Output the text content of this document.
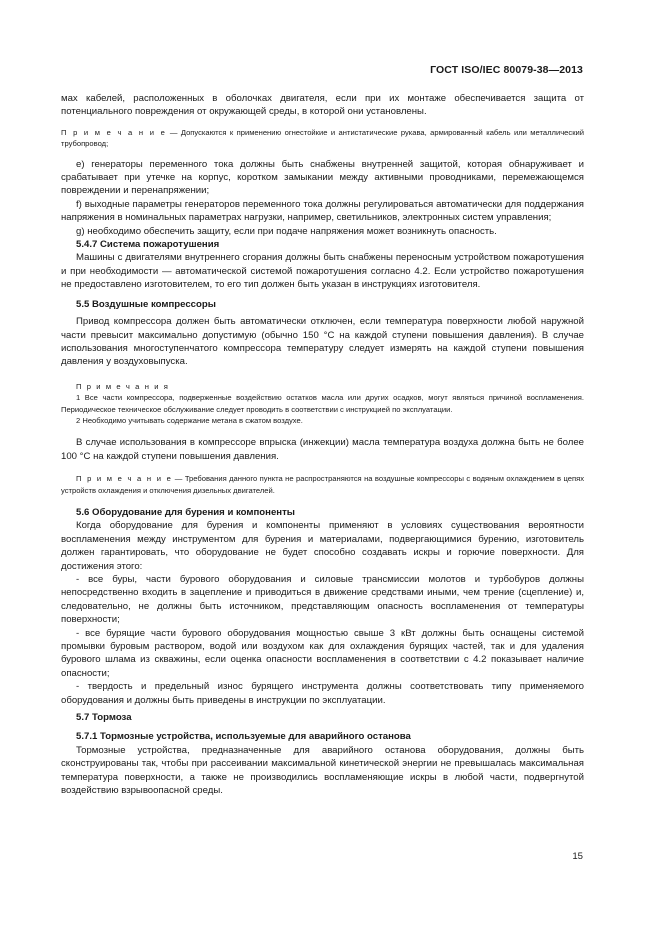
ГОСТ ISO/IEC 80079-38—2013

мах кабелей, расположенных в оболочках двигателя, если при их монтаже обеспечивается защита от потенциального повреждения от окружающей среды, в которой они установлены.

П р и м е ч а н и е — Допускаются к применению огнестойкие и антистатические рукава, армированный кабель или металлический трубопровод;

e) генераторы переменного тока должны быть снабжены внутренней защитой, которая обнаруживает и срабатывает при утечке на корпус, коротком замыкании между активными проводниками, перемежающемся повреждении и перенапряжении;

f) выходные параметры генераторов переменного тока должны регулироваться автоматически для поддержания напряжения в номинальных параметрах нагрузки, например, светильников, электронных систем управления;

g) необходимо обеспечить защиту, если при подаче напряжения может возникнуть опасность.

5.4.7 Система пожаротушения

Машины с двигателями внутреннего сгорания должны быть снабжены переносным устройством пожаротушения и при необходимости — автоматической системой пожаротушения согласно 4.2. Если устройство пожаротушения не предоставлено изготовителем, то его тип должен быть указан в инструкциях изготовителя.

5.5 Воздушные компрессоры

Привод компрессора должен быть автоматически отключен, если температура поверхности любой наружной части превысит максимально допустимую (обычно 150 °С на каждой ступени повышения давления). В случае использования многоступенчатого компрессора температуру следует измерять на каждой ступени повышения давления у воздуховыпуска.

П р и м е ч а н и я

1 Все части компрессора, подверженные воздействию остатков масла или других осадков, могут являться причиной воспламенения. Периодическое техническое обслуживание следует проводить в соответствии с инструкцией по эксплуатации.

2 Необходимо учитывать содержание метана в сжатом воздухе.

В случае использования в компрессоре впрыска (инжекции) масла температура воздуха должна быть не более 100 °С на каждой ступени повышения давления.

П р и м е ч а н и е — Требования данного пункта не распространяются на воздушные компрессоры с водяным охлаждением в цепях устройств охлаждения и отключения дизельных двигателей.

5.6 Оборудование для бурения и компоненты

Когда оборудование для бурения и компоненты применяют в условиях существования вероятности воспламенения между инструментом для бурения и материалами, подвергающимися бурению, изготовитель должен гарантировать, что оборудование не будет способно создавать искры и горючие поверхности. Для достижения этого:

- все буры, части бурового оборудования и силовые трансмиссии молотов и турбобуров должны непосредственно входить в зацепление и приводиться в движение средствами иными, чем трение (сцепление) и, следовательно, не должны быть источником, представляющим опасность воспламенения от температуры поверхности;

- все бурящие части бурового оборудования мощностью свыше 3 кВт должны быть оснащены системой промывки буровым раствором, водой или воздухом как для охлаждения бурящих частей, так и для удаления бурового шлама из скважины, если оценка опасности воспламенения в соответствии с 4.2 показывает наличие опасности;

- твердость и предельный износ бурящего инструмента должны соответствовать типу применяемого оборудования и должны быть приведены в инструкции по эксплуатации.

5.7 Тормоза

5.7.1 Тормозные устройства, используемые для аварийного останова

Тормозные устройства, предназначенные для аварийного останова оборудования, должны быть сконструированы так, чтобы при рассеивании максимальной кинетической энергии не превышалась максимальная температура поверхности, а также не производились воспламеняющие искры в любой части, подвергнутой воздействию взрывоопасной среды.

15
